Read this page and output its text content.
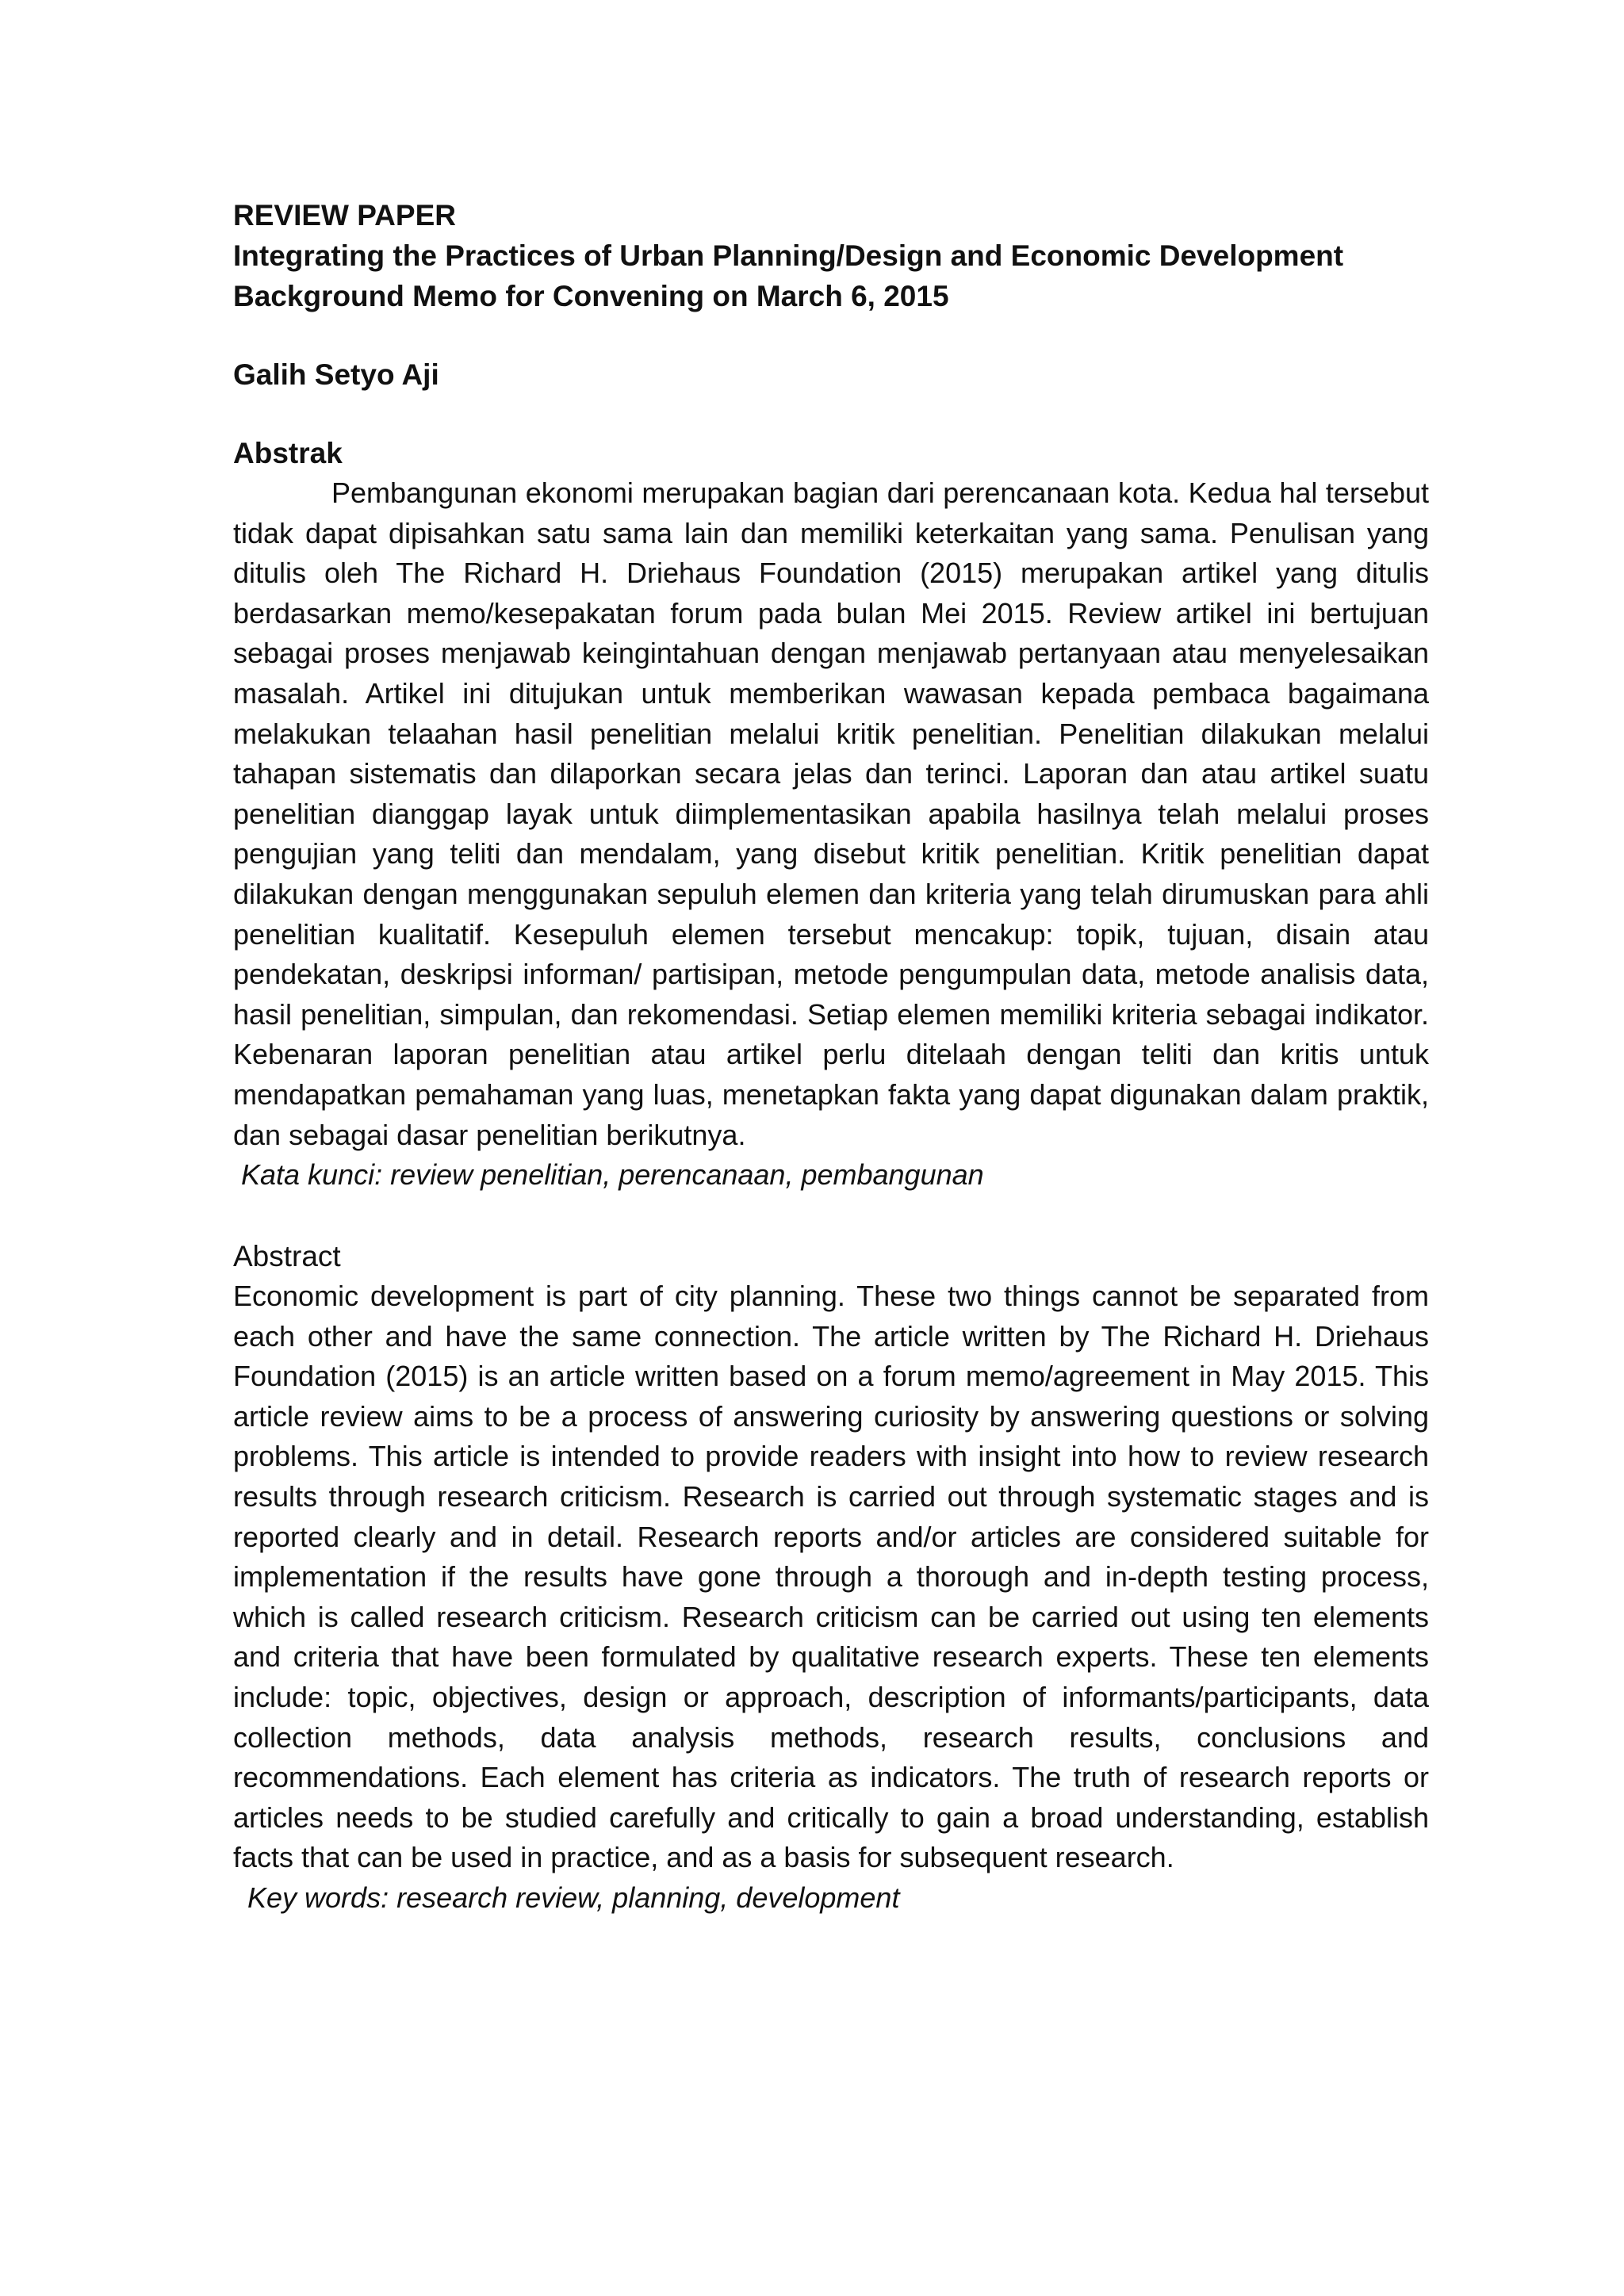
REVIEW PAPER

Integrating the Practices of Urban Planning/Design and Economic Development

Background Memo for Convening on March 6, 2015

Galih Setyo Aji

Abstrak

Pembangunan ekonomi merupakan bagian dari perencanaan kota. Kedua hal tersebut tidak dapat dipisahkan satu sama lain dan memiliki keterkaitan yang sama. Penulisan yang ditulis oleh The Richard H. Driehaus Foundation (2015) merupakan artikel yang ditulis berdasarkan memo/kesepakatan forum pada bulan Mei 2015. Review artikel ini bertujuan sebagai proses menjawab keingintahuan dengan menjawab pertanyaan atau menyelesaikan masalah. Artikel ini ditujukan untuk memberikan wawasan kepada pembaca bagaimana melakukan telaahan hasil penelitian melalui kritik penelitian. Penelitian dilakukan melalui tahapan sistematis dan dilaporkan secara jelas dan terinci. Laporan dan atau artikel suatu penelitian dianggap layak untuk diimplementasikan apabila hasilnya telah melalui proses pengujian yang teliti dan mendalam, yang disebut kritik penelitian. Kritik penelitian dapat dilakukan dengan menggunakan sepuluh elemen dan kriteria yang telah dirumuskan para ahli penelitian kualitatif. Kesepuluh elemen tersebut mencakup: topik, tujuan, disain atau pendekatan, deskripsi informan/ partisipan, metode pengumpulan data, metode analisis data, hasil penelitian, simpulan, dan rekomendasi. Setiap elemen memiliki kriteria sebagai indikator. Kebenaran laporan penelitian atau artikel perlu ditelaah dengan teliti dan kritis untuk mendapatkan pemahaman yang luas, menetapkan fakta yang dapat digunakan dalam praktik, dan sebagai dasar penelitian berikutnya.

Kata kunci: review penelitian, perencanaan, pembangunan

Abstract

Economic development is part of city planning. These two things cannot be separated from each other and have the same connection. The article written by The Richard H. Driehaus Foundation (2015) is an article written based on a forum memo/agreement in May 2015. This article review aims to be a process of answering curiosity by answering questions or solving problems. This article is intended to provide readers with insight into how to review research results through research criticism. Research is carried out through systematic stages and is reported clearly and in detail. Research reports and/or articles are considered suitable for implementation if the results have gone through a thorough and in-depth testing process, which is called research criticism. Research criticism can be carried out using ten elements and criteria that have been formulated by qualitative research experts. These ten elements include: topic, objectives, design or approach, description of informants/participants, data collection methods, data analysis methods, research results, conclusions and recommendations. Each element has criteria as indicators. The truth of research reports or articles needs to be studied carefully and critically to gain a broad understanding, establish facts that can be used in practice, and as a basis for subsequent research.

Key words: research review, planning, development
